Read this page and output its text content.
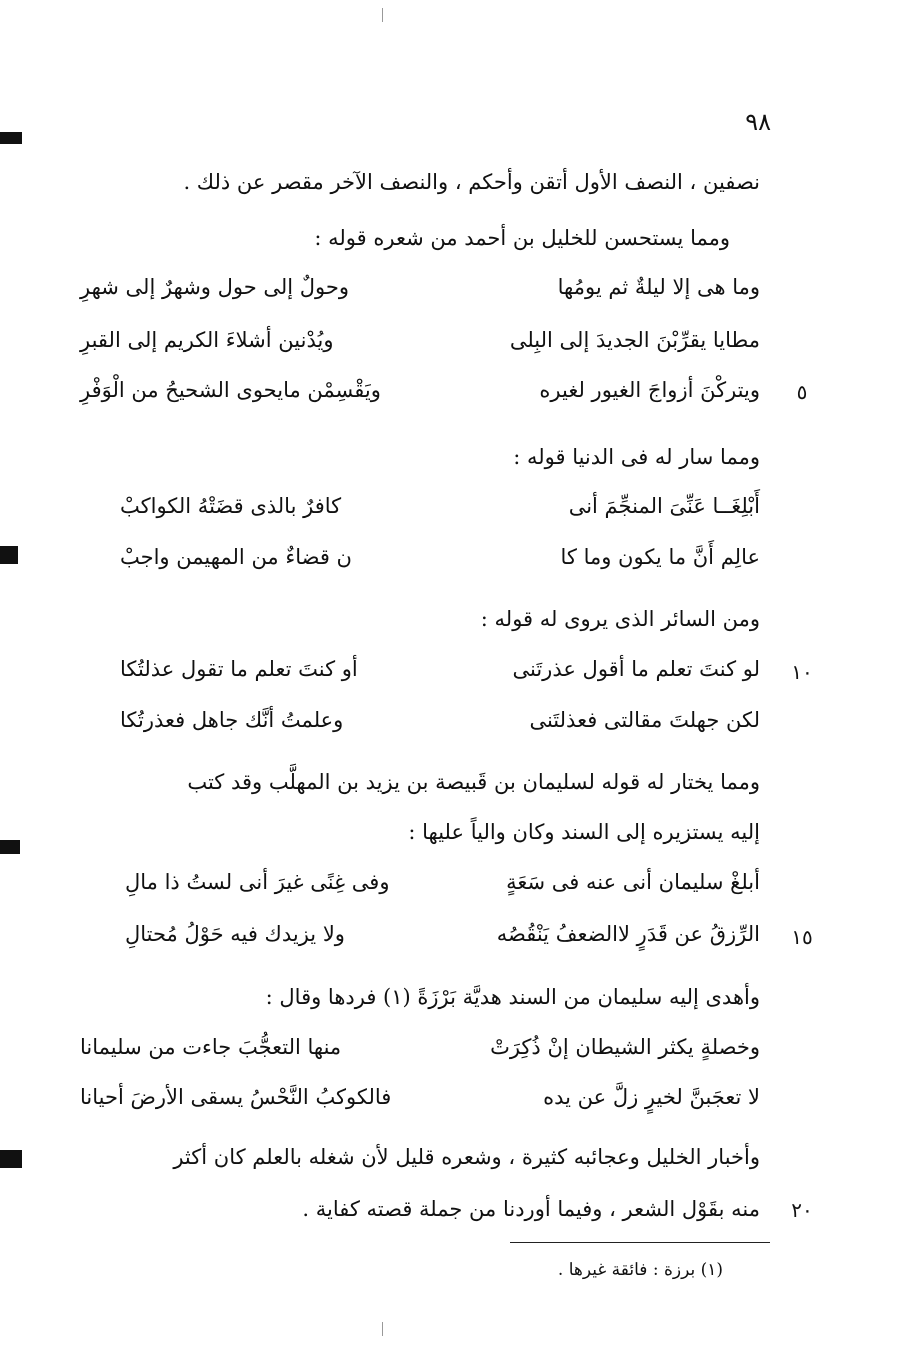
٩٨
نصفين ، النصف الأول أتقن وأحكم ، والنصف الآخر مقصر عن ذلك .
ومما يستحسن للخليل بن أحمد من شعره قوله :
وما هى إلا ليلةٌ ثم يومُها
وحولٌ إلى حول وشهرٌ إلى شهرِ
مطايا يقرِّبْنَ الجديدَ إلى البِلى
ويُدْنين أشلاءَ الكريم إلى القبرِ
ويتركْنَ أزواجَ الغيور لغيره
ويَقْسِمْن مايحوى الشحيحُ من الْوَفْرِ	٥
ومما سار له فى الدنيا قوله :
أَبْلِغَــا عَنِّىَ المنجِّمَ أنى
كافرٌ بالذى قضَتْهُ الكواكبْ
عالِم أَنَّ ما يكون وما كا
ن قضاءٌ من المهيمن واجبْ
ومن السائر الذى يروى له قوله :
لو كنتَ تعلم ما أقول عذرتَنى
أو كنتَ تعلم ما تقول عذلتُكا	١٠
لكن جهلتَ مقالتى فعذلتَنى
وعلمتُ أنَّك جاهل فعذرتُكا
ومما يختار له قوله لسليمان بن قَبيصة بن يزيد بن المهلَّب وقد كتب
إليه يستزيره إلى السند وكان والياً عليها :
أبلغْ سليمان أنى عنه فى سَعَةٍ
وفى غِنًى غيرَ أنى لستُ ذا مالِ
الرِّزقُ عن قَدَرٍ لاالضعفُ يَنْقُصُه
ولا يزيدك فيه حَوْلُ مُحتالِ	١٥
وأهدى إليه سليمان من السند هديَّة بَرْزَةً (١) فردها وقال :
وخصلةٍ يكثر الشيطان إنْ ذُكِرَتْ
منها التعجُّبَ جاءت من سليمانا
لا تعجَبنَّ لخيرٍ زلَّ عن يده
فالكوكبُ النَّحْسُ يسقى الأرضَ أحيانا
وأخبار الخليل وعجائبه كثيرة ، وشعره قليل لأن شغله بالعلم كان أكثر
منه بقَوْل الشعر ، وفيما أوردنا من جملة قصته كفاية .	٢٠
(١) برزة : فائقة غيرها .
